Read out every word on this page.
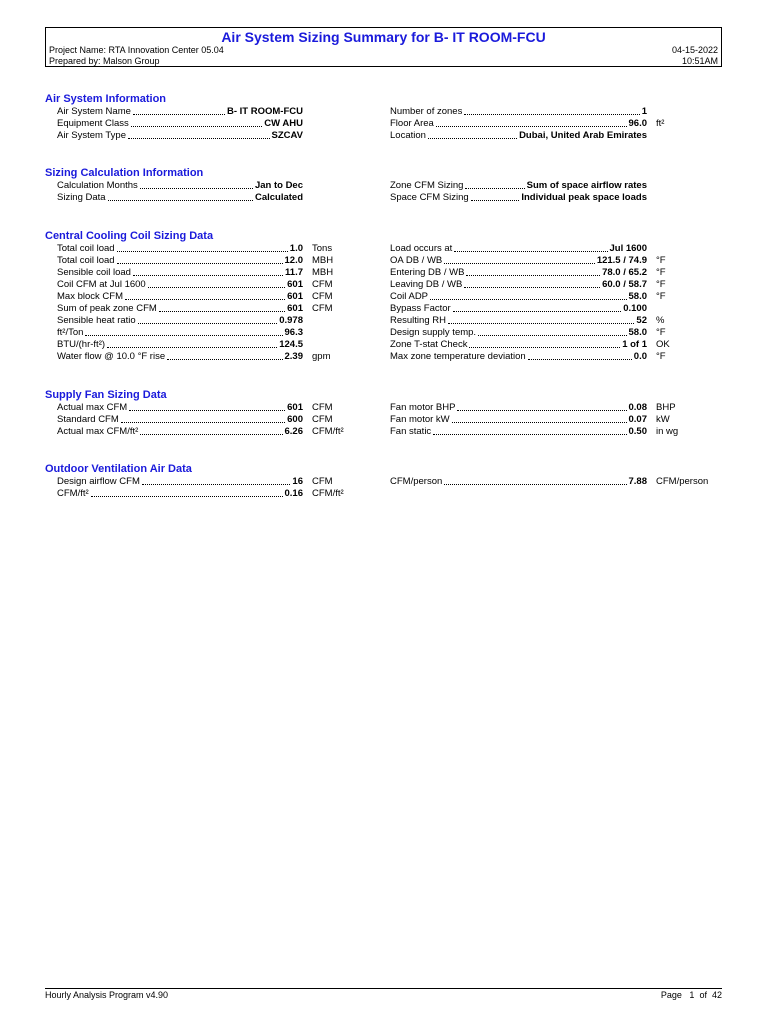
Air System Sizing Summary for B- IT ROOM-FCU
Project Name: RTA Innovation Center 05.04
Prepared by: Malson Group
04-15-2022
10:51AM
Air System Information
Air System Name	B- IT ROOM-FCU
Equipment Class	CW AHU
Air System Type	SZCAV
Number of zones	1
Floor Area	96.0 ft²
Location	Dubai, United Arab Emirates
Sizing Calculation Information
Calculation Months	Jan to Dec
Sizing Data	Calculated
Zone CFM Sizing	Sum of space airflow rates
Space CFM Sizing	Individual peak space loads
Central Cooling Coil Sizing Data
Total coil load	1.0 Tons
Total coil load	12.0 MBH
Sensible coil load	11.7 MBH
Coil CFM at Jul 1600	601 CFM
Max block CFM	601 CFM
Sum of peak zone CFM	601 CFM
Sensible heat ratio	0.978
ft²/Ton	96.3
BTU/(hr-ft²)	124.5
Water flow @ 10.0 °F rise	2.39 gpm
Load occurs at	Jul 1600
OA DB / WB	121.5 / 74.9 °F
Entering DB / WB	78.0 / 65.2 °F
Leaving DB / WB	60.0 / 58.7 °F
Coil ADP	58.0 °F
Bypass Factor	0.100
Resulting RH	52 %
Design supply temp.	58.0 °F
Zone T-stat Check	1 of 1 OK
Max zone temperature deviation	0.0 °F
Supply Fan Sizing Data
Actual max CFM	601 CFM
Standard CFM	600 CFM
Actual max CFM/ft²	6.26 CFM/ft²
Fan motor BHP	0.08 BHP
Fan motor kW	0.07 kW
Fan static	0.50 in wg
Outdoor Ventilation Air Data
Design airflow CFM	16 CFM
CFM/ft²	0.16 CFM/ft²
CFM/person	7.88 CFM/person
Hourly Analysis Program v4.90	Page 1 of 42
